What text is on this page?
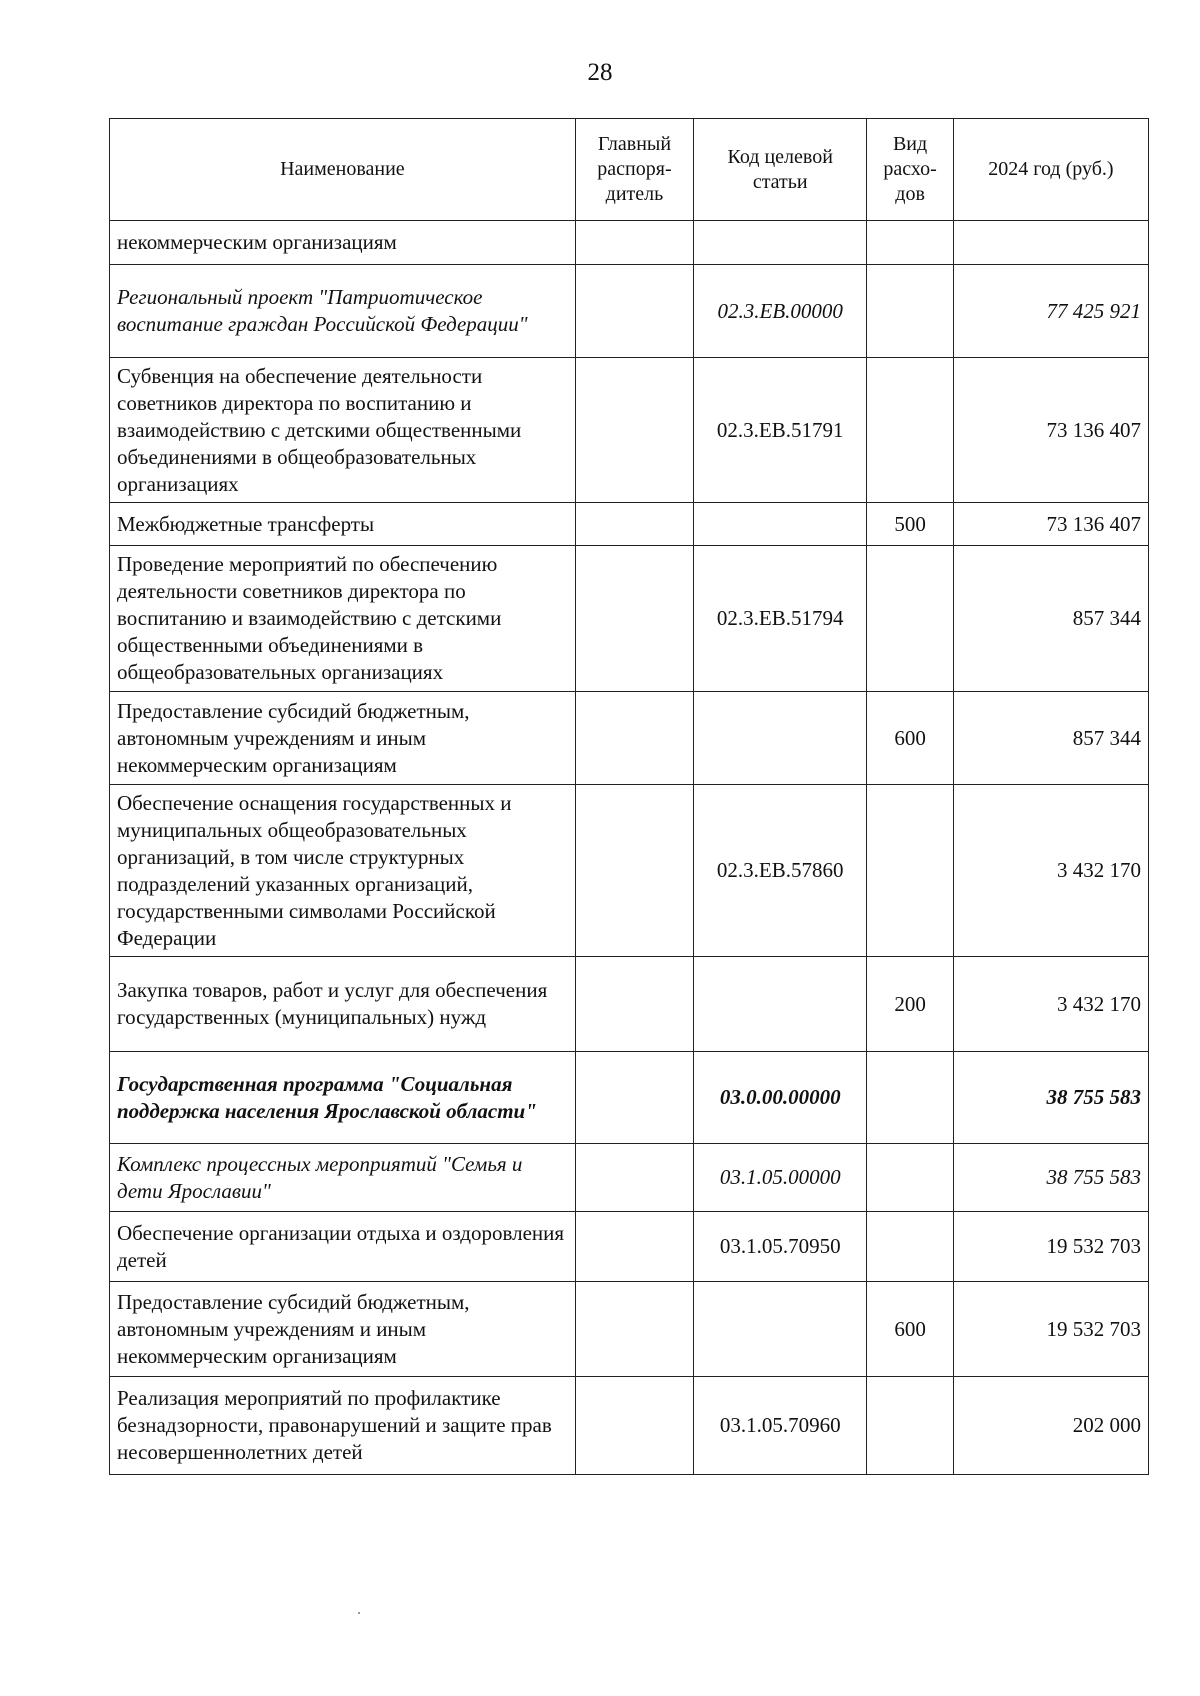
28
Наименование	Главный распоря-дитель	Код целевой статьи	Вид расхо-дов	2024 год (руб.)
некоммерческим организациям				
Региональный проект "Патриотическое воспитание граждан Российской Федерации"		02.3.ЕВ.00000		77 425 921
Субвенция на обеспечение деятельности советников директора по воспитанию и взаимодействию с детскими общественными объединениями в общеобразовательных организациях		02.3.ЕВ.51791		73 136 407
Межбюджетные трансферты			500	73 136 407
Проведение мероприятий по обеспечению деятельности советников директора по воспитанию и взаимодействию с детскими общественными объединениями в общеобразовательных организациях		02.3.ЕВ.51794		857 344
Предоставление субсидий бюджетным, автономным учреждениям и иным некоммерческим организациям			600	857 344
Обеспечение оснащения государственных и муниципальных общеобразовательных организаций, в том числе структурных подразделений указанных организаций, государственными символами Российской Федерации		02.3.ЕВ.57860		3 432 170
Закупка товаров, работ и услуг для обеспечения государственных (муниципальных) нужд			200	3 432 170
Государственная программа "Социальная поддержка населения Ярославской области"		03.0.00.00000		38 755 583
Комплекс процессных мероприятий "Семья и дети Ярославии"		03.1.05.00000		38 755 583
Обеспечение организации отдыха и оздоровления детей		03.1.05.70950		19 532 703
Предоставление субсидий бюджетным, автономным учреждениям и иным некоммерческим организациям			600	19 532 703
Реализация мероприятий по профилактике безнадзорности, правонарушений и защите прав несовершеннолетних детей		03.1.05.70960		202 000
